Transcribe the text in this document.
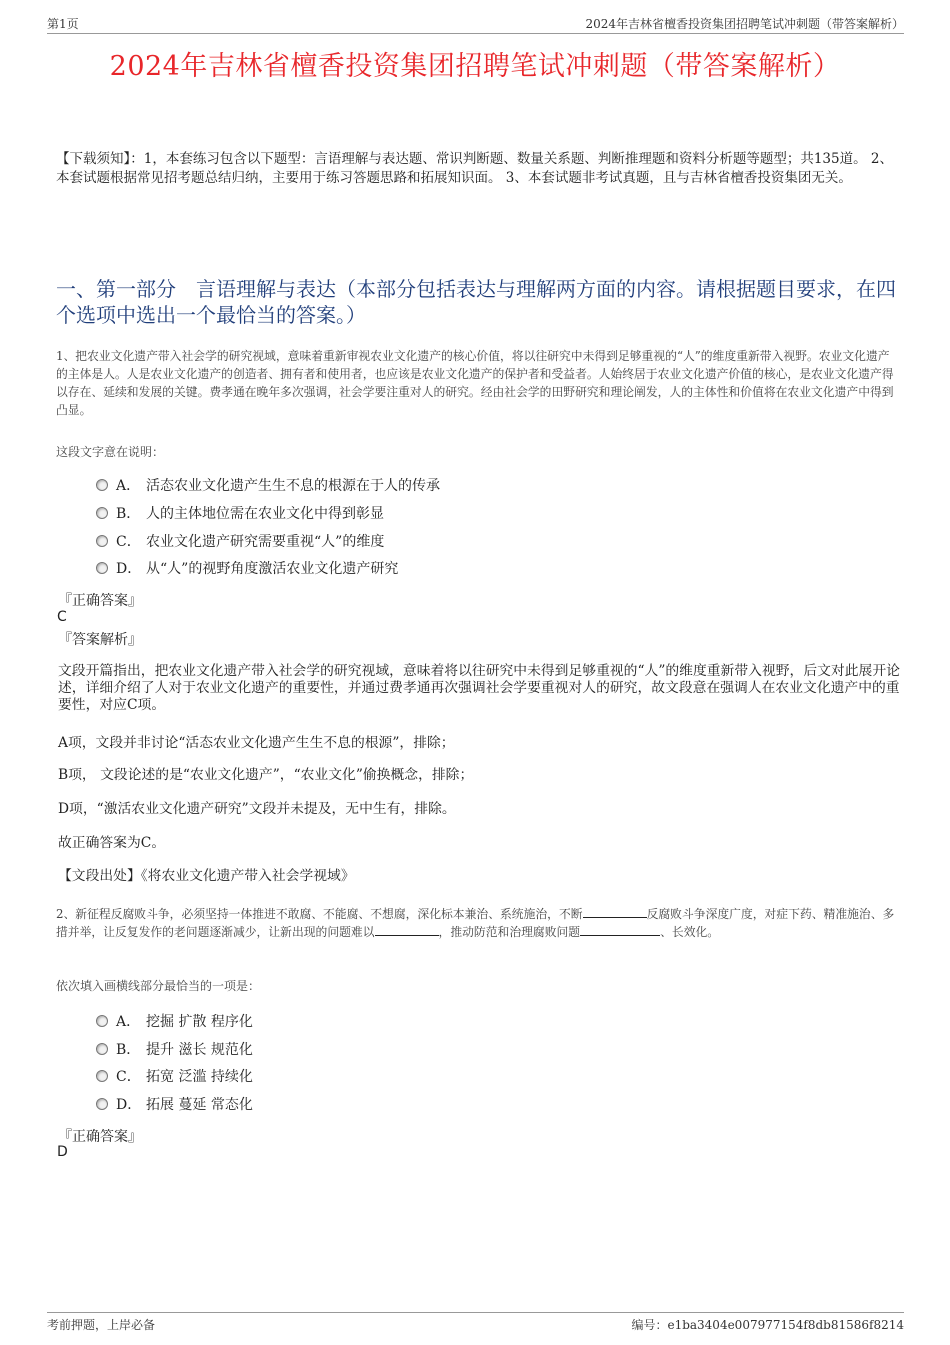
第1页	2024年吉林省檀香投资集团招聘笔试冲刺题（带答案解析）
2024年吉林省檀香投资集团招聘笔试冲刺题（带答案解析）
【下载须知】：1，本套练习包含以下题型：言语理解与表达题、常识判断题、数量关系题、判断推理题和资料分析题等题型；共135道。 2、本套试题根据常见招考题总结归纳，主要用于练习答题思路和拓展知识面。 3、本套试题非考试真题，且与吉林省檀香投资集团无关。
一、第一部分　言语理解与表达（本部分包括表达与理解两方面的内容。请根据题目要求，在四个选项中选出一个最恰当的答案。）
1、把农业文化遗产带入社会学的研究视域，意味着重新审视农业文化遗产的核心价值，将以往研究中未得到足够重视的“人”的维度重新带入视野。农业文化遗产的主体是人。人是农业文化遗产的创造者、拥有者和使用者，也应该是农业文化遗产的保护者和受益者。人始终居于农业文化遗产价值的核心，是农业文化遗产得以存在、延续和发展的关键。费孝通在晚年多次强调，社会学要注重对人的研究。经由社会学的田野研究和理论阐发，人的主体性和价值将在农业文化遗产中得到凸显。
这段文字意在说明：
A． 活态农业文化遗产生生不息的根源在于人的传承
B． 人的主体地位需在农业文化中得到彰显
C． 农业文化遗产研究需要重视“人”的维度
D． 从“人”的视野角度激活农业文化遗产研究
『正确答案』
C
『答案解析』
文段开篇指出，把农业文化遗产带入社会学的研究视域，意味着将以往研究中未得到足够重视的“人”的维度重新带入视野，后文对此展开论述，详细介绍了人对于农业文化遗产的重要性，并通过费孝通再次强调社会学要重视对人的研究，故文段意在强调人在农业文化遗产中的重要性，对应C项。
A项，文段并非讨论“活态农业文化遗产生生不息的根源”，排除；
B项， 文段论述的是“农业文化遗产”，“农业文化”偷换概念，排除；
D项，“激活农业文化遗产研究”文段并未提及，无中生有，排除。
故正确答案为C。
【文段出处】《将农业文化遗产带入社会学视域》
2、新征程反腐败斗争，必须坚持一体推进不敢腐、不能腐、不想腐，深化标本兼治、系统施治，不断	反腐败斗争深度广度，对症下药、精准施治、多措并举，让反复发作的老问题逐渐减少，让新出现的问题难以	，推动防范和治理腐败问题	、长效化。
依次填入画横线部分最恰当的一项是：
A． 挖掘 扩散 程序化
B． 提升 滋长 规范化
C． 拓宽 泛滥 持续化
D． 拓展 蔓延 常态化
『正确答案』
D
考前押题，上岸必备	编号：e1ba3404e007977154f8db81586f8214
